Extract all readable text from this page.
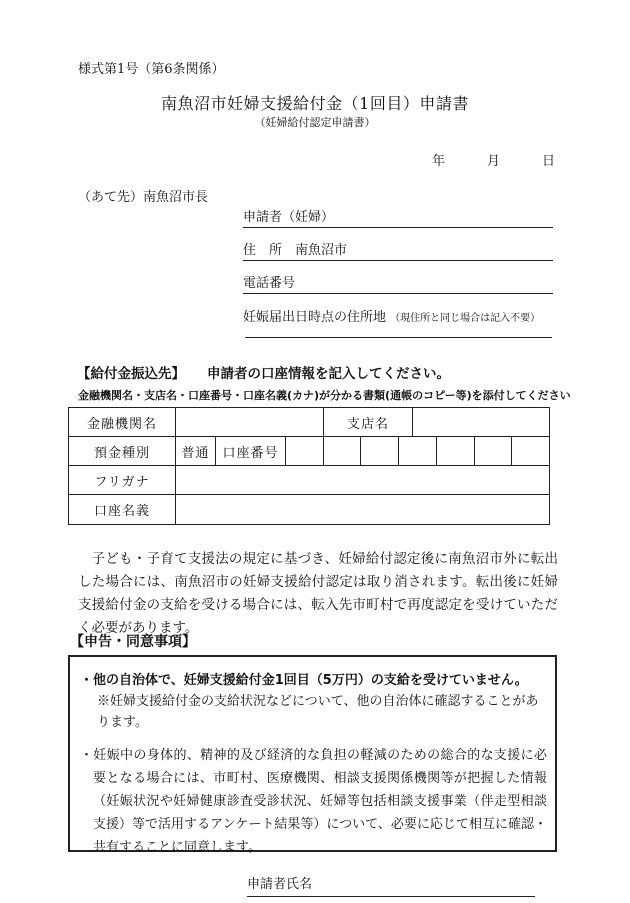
様式第1号（第6条関係）
南魚沼市妊婦支援給付金（1回目）申請書
（妊婦給付認定申請書）
年	月	日
（あて先）南魚沼市長
申請者（妊婦）
住　所　南魚沼市
電話番号
妊娠届出日時点の住所地 （現住所と同じ場合は記入不要）
【給付金振込先】 申請者の口座情報を記入してください。
金融機関名・支店名・口座番号・口座名義(カナ)が分かる書類(通帳のコピー等)を添付してください
金融機関名	支店名
預金種別	普通 口座番号
フリガナ
口座名義
子ども・子育て支援法の規定に基づき、妊婦給付認定後に南魚沼市外に転出した場合には、南魚沼市の妊婦支援給付認定は取り消されます。転出後に妊婦支援給付金の支給を受ける場合には、転入先市町村で再度認定を受けていただく必要があります。
【申告・同意事項】
・他の自治体で、妊婦支援給付金1回目（5万円）の支給を受けていません。
※妊婦支援給付金の支給状況などについて、他の自治体に確認することがあります。
・妊娠中の身体的、精神的及び経済的な負担の軽減のための総合的な支援に必要となる場合には、市町村、医療機関、相談支援関係機関等が把握した情報（妊娠状況や妊婦健康診査受診状況、妊婦等包括相談支援事業（伴走型相談支援）等で活用するアンケート結果等）について、必要に応じて相互に確認・共有することに同意します。
申請者氏名
